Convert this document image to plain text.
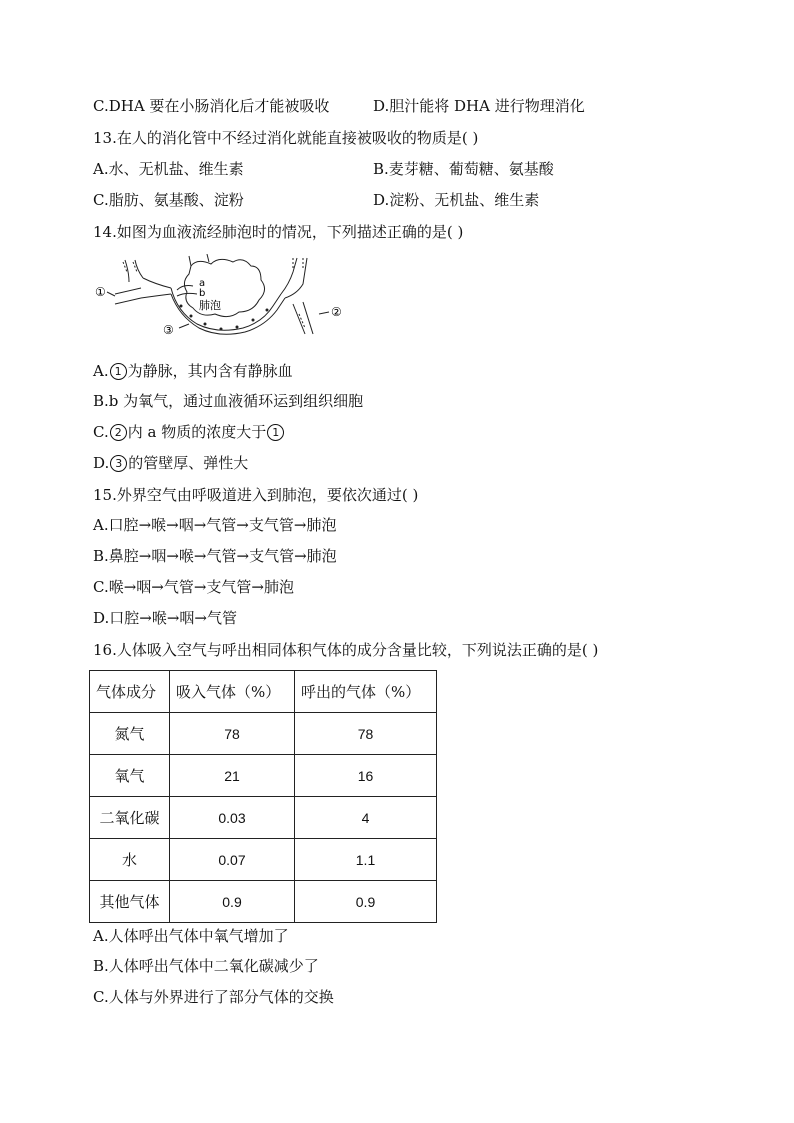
C.DHA 要在小肠消化后才能被吸收	D.胆汁能将 DHA 进行物理消化
13.在人的消化管中不经过消化就能直接被吸收的物质是( )
A.水、无机盐、维生素	B.麦芽糖、葡萄糖、氨基酸
C.脂肪、氨基酸、淀粉	D.淀粉、无机盐、维生素
14.如图为血液流经肺泡时的情况，下列描述正确的是( )
①
②
③
a
b
肺泡
A. 1 为静脉，其内含有静脉血
B.b 为氧气，通过血液循环运到组织细胞
C. 2 内 a 物质的浓度大于 1
D. 3 的管壁厚、弹性大
15.外界空气由呼吸道进入到肺泡，要依次通过( )
A.口腔→喉→咽→气管→支气管→肺泡
B.鼻腔→咽→喉→气管→支气管→肺泡
C.喉→咽→气管→支气管→肺泡
D.口腔→喉→咽→气管
16.人体吸入空气与呼出相同体积气体的成分含量比较，下列说法正确的是( )
气体成分	吸入气体（%）	呼出的气体（%）
氮气	78	78
氧气	21	16
二氧化碳	0.03	4
水	0.07	1.1
其他气体	0.9	0.9
A.人体呼出气体中氧气增加了
B.人体呼出气体中二氧化碳减少了
C.人体与外界进行了部分气体的交换
